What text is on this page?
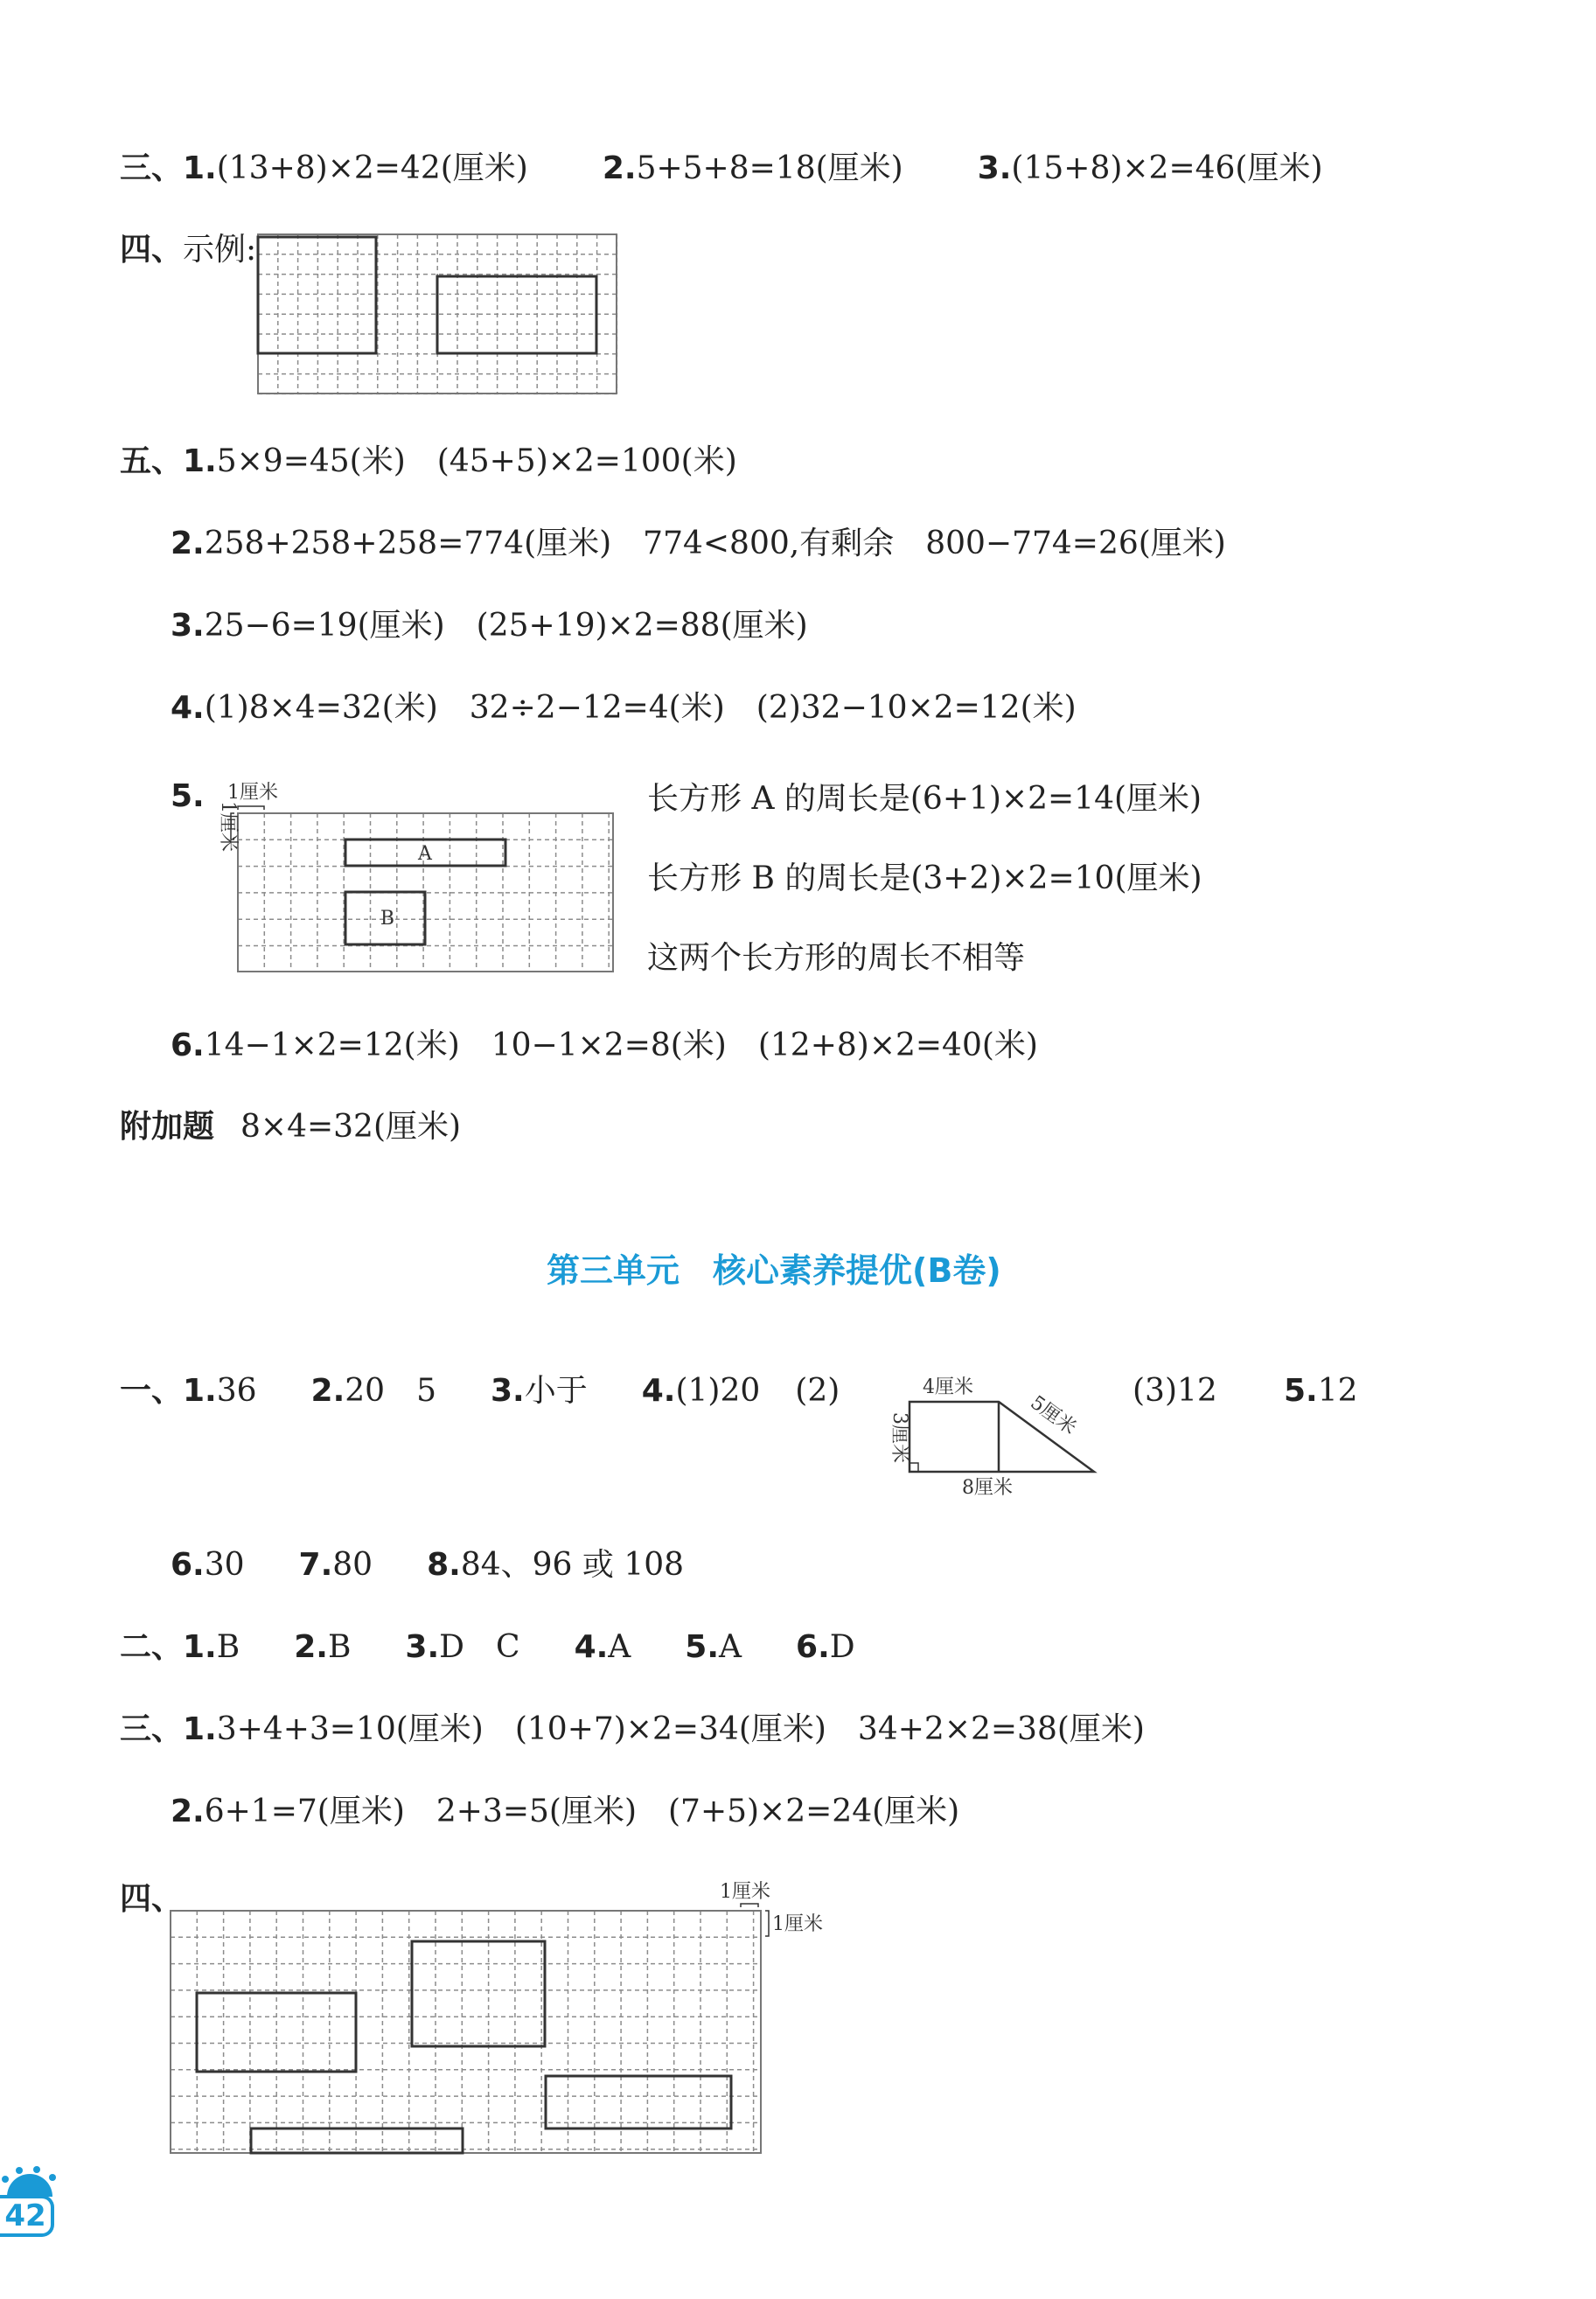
三、1.(13+8)×2=42(厘米) 2.5+5+8=18(厘米) 3.(15+8)×2=46(厘米)
四、示例:
五、1.5×9=45(米)　(45+5)×2=100(米)
2.258+258+258=774(厘米)　774<800,有剩余　800−774=26(厘米)
3.25−6=19(厘米)　(25+19)×2=88(厘米)
4.(1)8×4=32(米)　32÷2−12=4(米)　(2)32−10×2=12(米)
5.
A
B
1厘米
1厘米
长方形 A 的周长是(6+1)×2=14(厘米)
长方形 B 的周长是(3+2)×2=10(厘米)
这两个长方形的周长不相等
6.14−1×2=12(米)　10−1×2=8(米)　(12+8)×2=40(米)
附加题 8×4=32(厘米)
第三单元　核心素养提优(B卷)
一、1.36 2.20　5 3.小于 4.(1)20 (2)	(3)12 5.12
4厘米
5厘米
3厘米
8厘米
6.30 7.80 8.84、96 或 108
二、1.B 2.B 3.D　C 4.A 5.A 6.D
三、1.3+4+3=10(厘米)　(10+7)×2=34(厘米)　34+2×2=38(厘米)
2.6+1=7(厘米)　2+3=5(厘米)　(7+5)×2=24(厘米)
四、	1厘米
1厘米
42
